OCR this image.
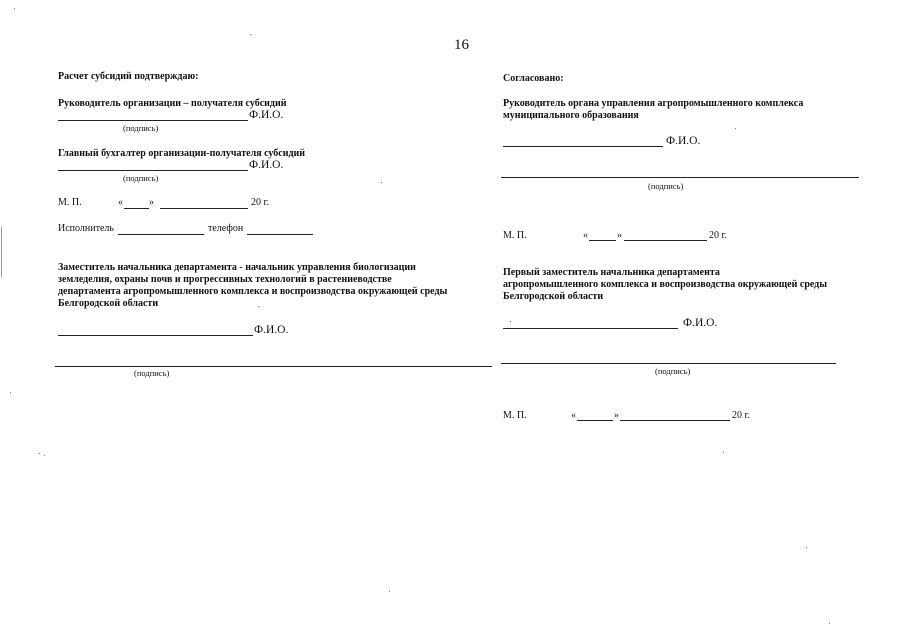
16
Расчет субсидий подтверждаю:
Руководитель организации – получателя субсидий
Ф.И.О.
(подпись)
Главный бухгалтер организации-получателя субсидий
Ф.И.О.
(подпись)
М. П.	«	»	20 г.
Исполнитель	телефон
Заместитель начальника департамента - начальник управления биологизации
земледелия, охраны почв и прогрессивных технологий в растениеводстве
департамента агропромышленного комплекса и воспроизводства окружающей среды
Белгородской области
Ф.И.О.
(подпись)
Согласовано:
Руководитель органа управления агропромышленного комплекса
муниципального образования
Ф.И.О.
(подпись)
М. П.	«	»	20 г.
Первый заместитель начальника департамента
агропромышленного комплекса и воспроизводства окружающей среды
Белгородской области
Ф.И.О.
(подпись)
М. П.	«	»	20 г.
